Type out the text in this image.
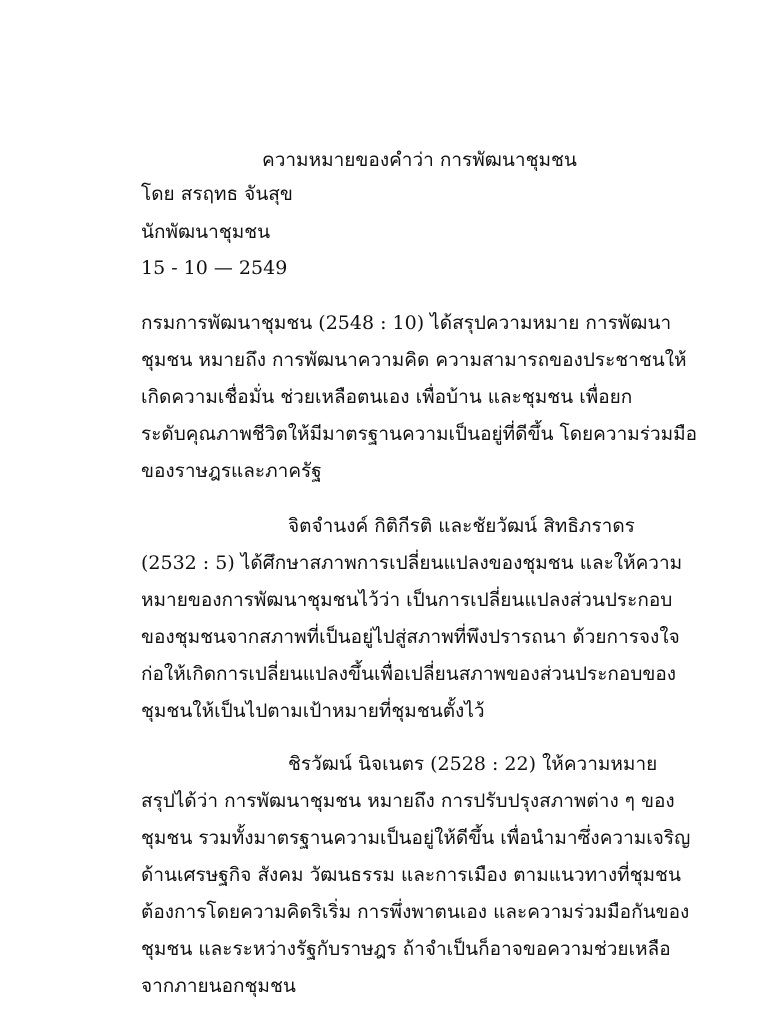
ความหมายของคำว่า การพัฒนาชุมชน
โดย สรฤทธ จันสุข
นักพัฒนาชุมชน
15 - 10 — 2549
กรมการพัฒนาชุมชน (2548 : 10) ได้สรุปความหมาย การพัฒนา
ชุมชน หมายถึง การพัฒนาความคิด ความสามารถของประชาชนให้
เกิดความเชื่อมั่น ช่วยเหลือตนเอง เพื่อบ้าน และชุมชน เพื่อยก
ระดับคุณภาพชีวิตให้มีมาตรฐานความเป็นอยู่ที่ดีขึ้น โดยความร่วมมือ
ของราษฎรและภาครัฐ
จิตจำนงค์ กิติกีรติ และชัยวัฒน์ สิทธิภราดร
(2532 : 5) ได้ศึกษาสภาพการเปลี่ยนแปลงของชุมชน และให้ความ
หมายของการพัฒนาชุมชนไว้ว่า เป็นการเปลี่ยนแปลงส่วนประกอบ
ของชุมชนจากสภาพที่เป็นอยู่ไปสู่สภาพที่พึงปรารถนา ด้วยการจงใจ
ก่อให้เกิดการเปลี่ยนแปลงขึ้นเพื่อเปลี่ยนสภาพของส่วนประกอบของ
ชุมชนให้เป็นไปตามเป้าหมายที่ชุมชนตั้งไว้
ชิรวัฒน์ นิจเนตร (2528 : 22) ให้ความหมาย
สรุปได้ว่า การพัฒนาชุมชน หมายถึง การปรับปรุงสภาพต่าง ๆ ของ
ชุมชน รวมทั้งมาตรฐานความเป็นอยู่ให้ดีขึ้น เพื่อนำมาซึ่งความเจริญ
ด้านเศรษฐกิจ สังคม วัฒนธรรม และการเมือง ตามแนวทางที่ชุมชน
ต้องการโดยความคิดริเริ่ม การพึ่งพาตนเอง และความร่วมมือกันของ
ชุมชน และระหว่างรัฐกับราษฎร ถ้าจำเป็นก็อาจขอความช่วยเหลือ
จากภายนอกชุมชน
